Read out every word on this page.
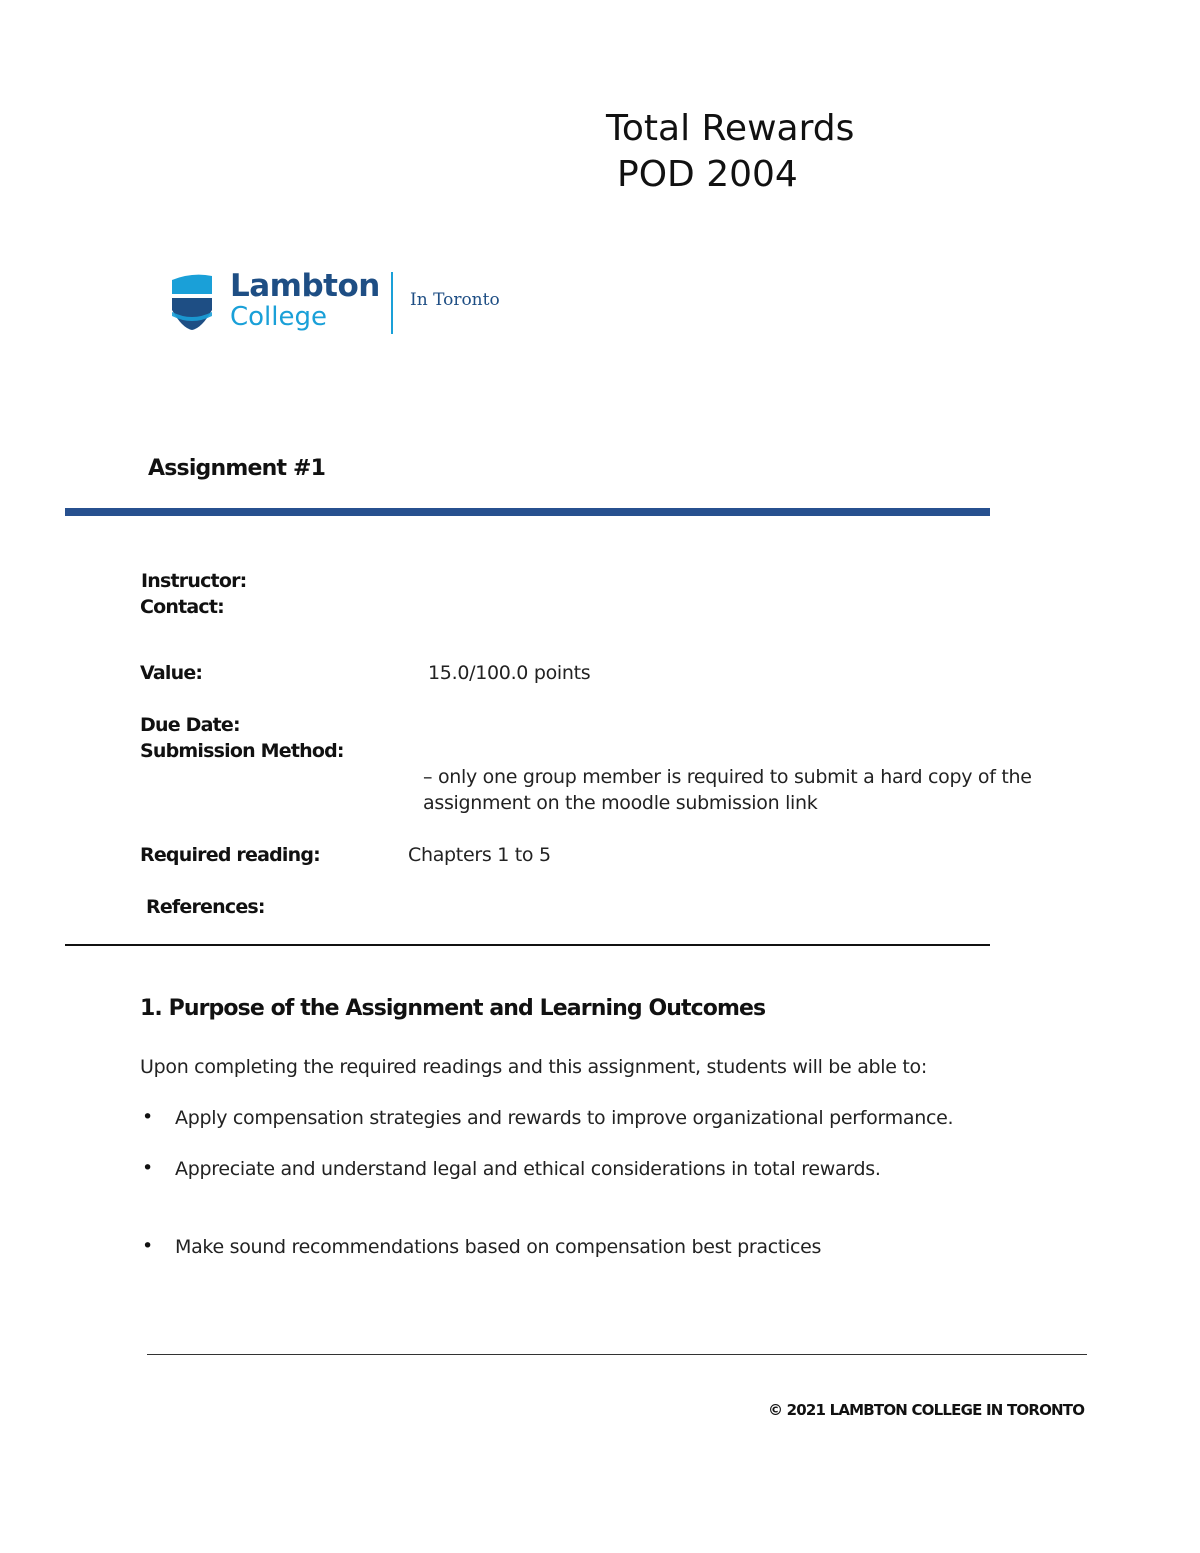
Total Rewards
POD 2004
Lambton
College
In Toronto
Assignment #1
Instructor:
Contact:
Value:	15.0/100.0 points
Due Date:
Submission Method:
– only one group member is required to submit a hard copy of the
assignment on the moodle submission link
Required reading:	Chapters 1 to 5
References:
1. Purpose of the Assignment and Learning Outcomes
Upon completing the required readings and this assignment, students will be able to:
• Apply compensation strategies and rewards to improve organizational performance.
• Appreciate and understand legal and ethical considerations in total rewards.
• Make sound recommendations based on compensation best practices
© 2021 LAMBTON COLLEGE IN TORONTO
